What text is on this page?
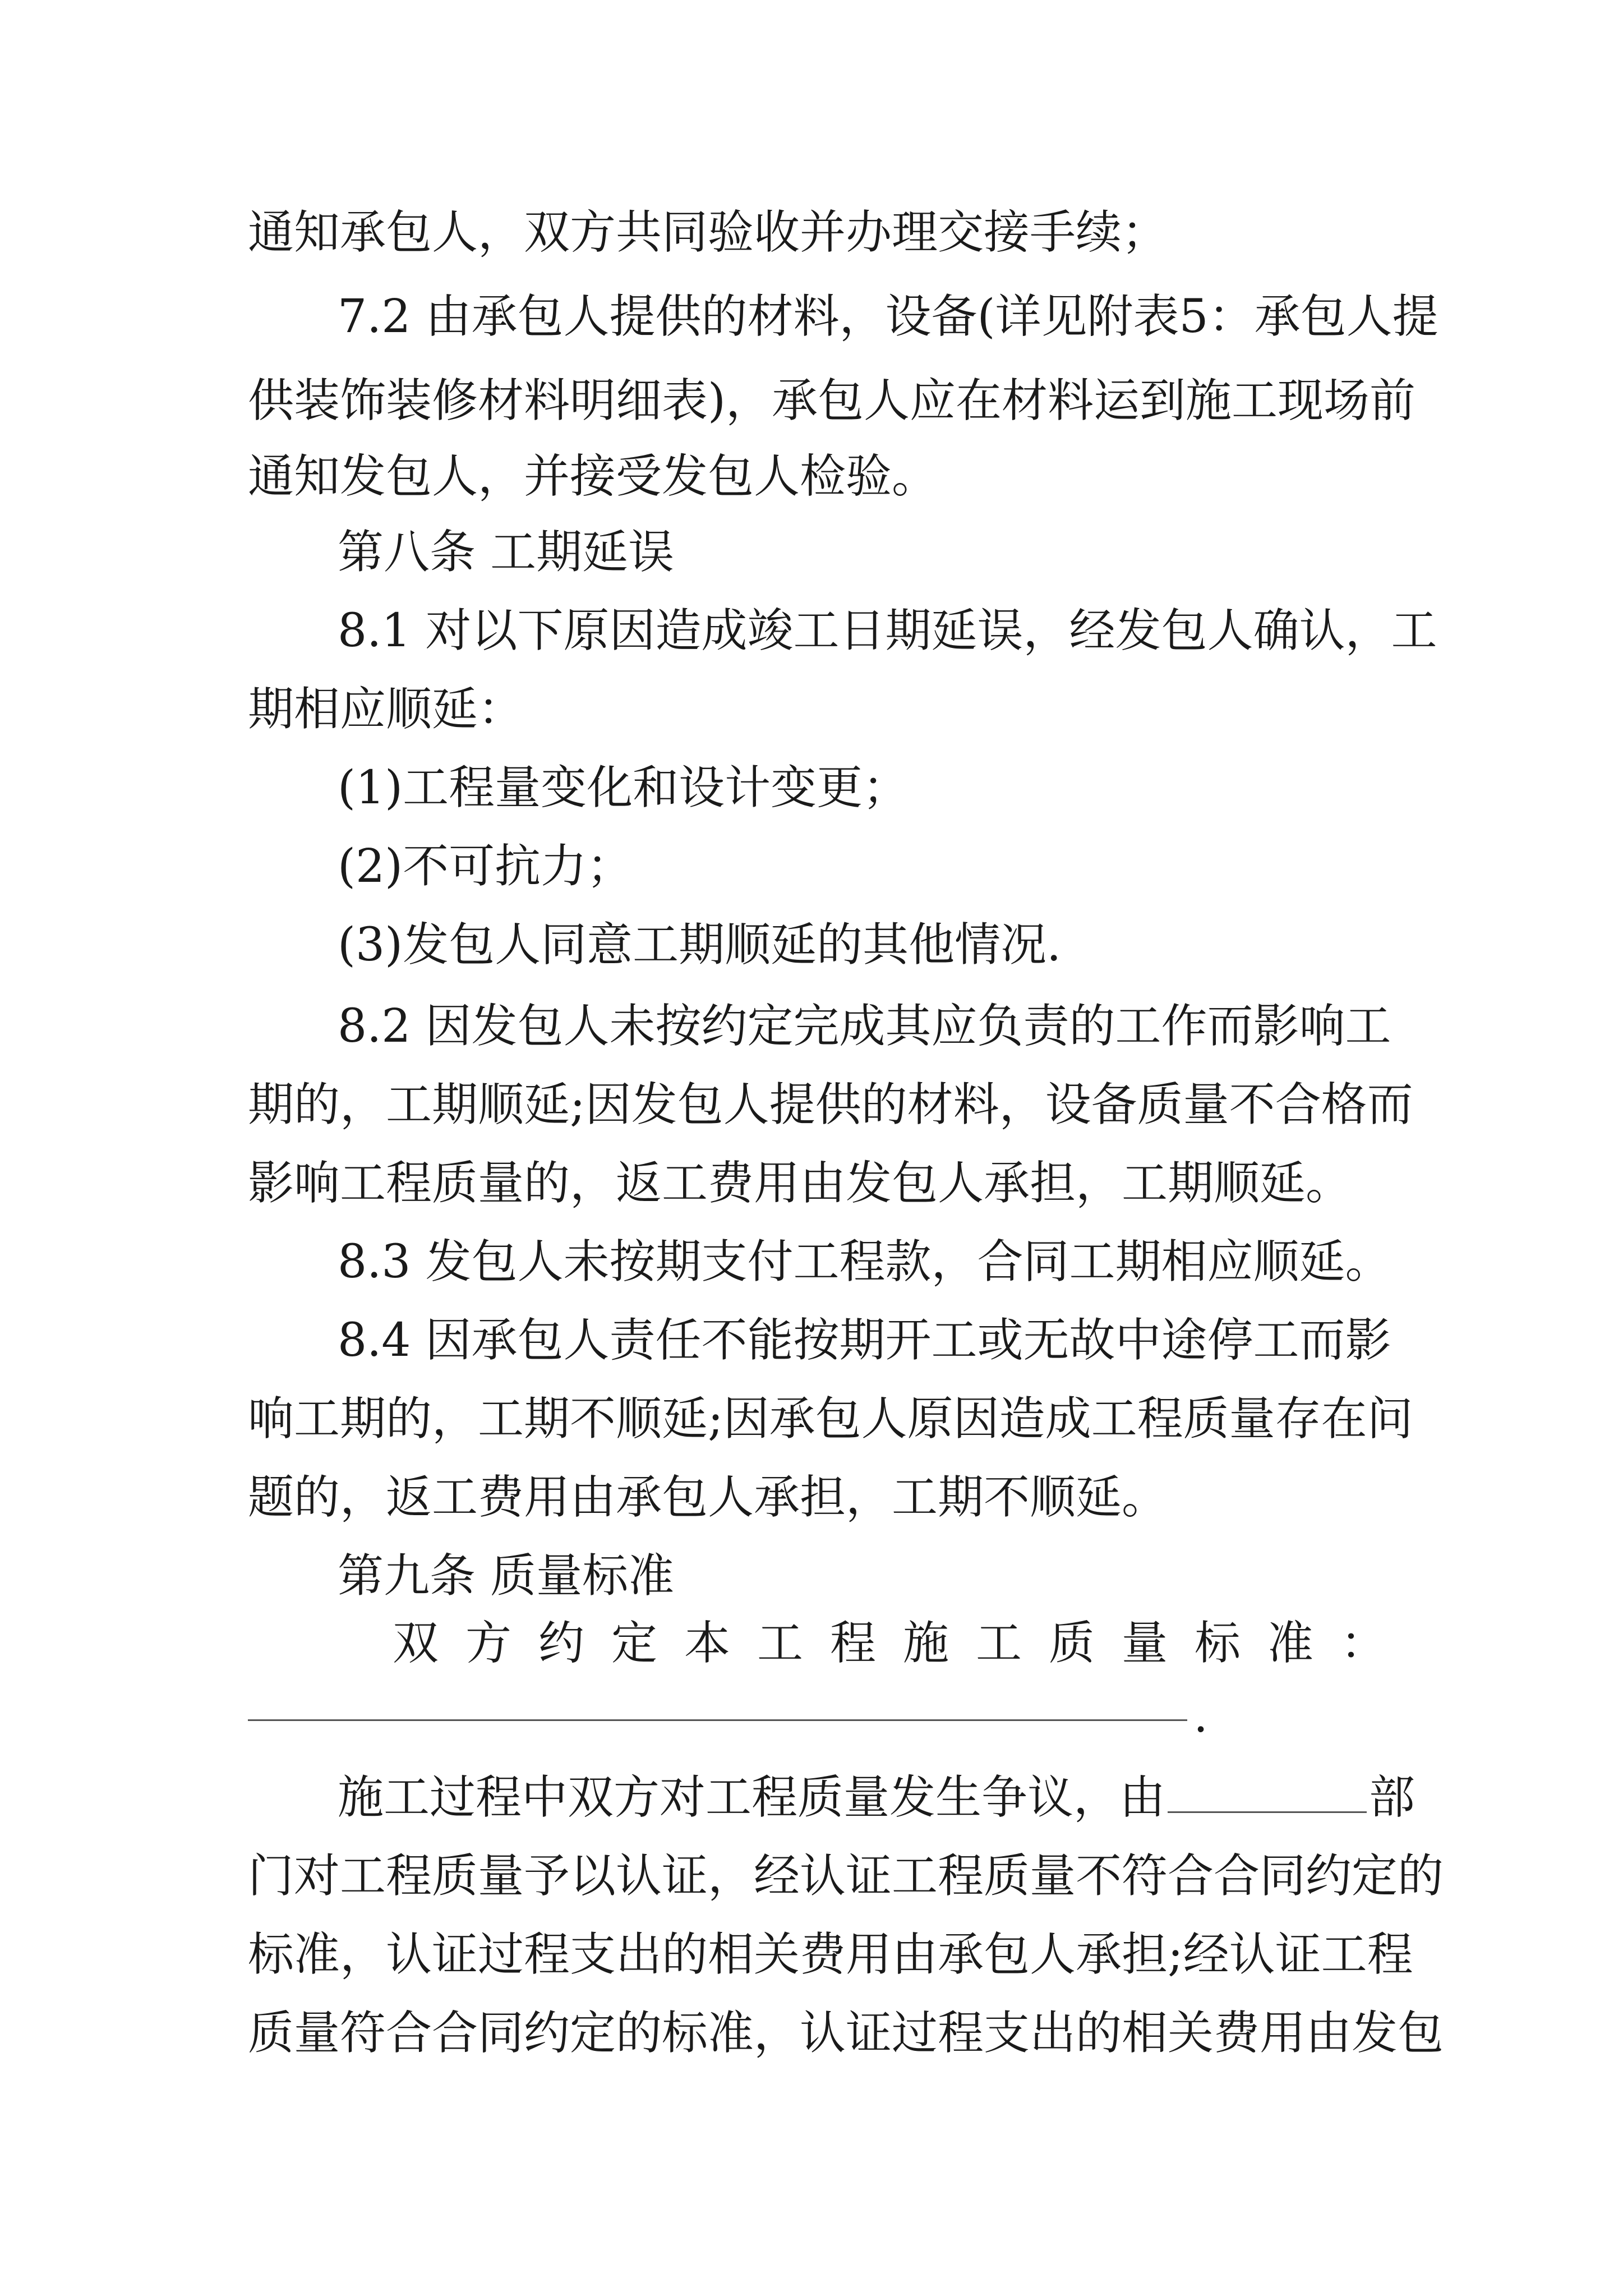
通知承包人，双方共同验收并办理交接手续；
7.2 由承包人提供的材料，设备(详见附表5：承包人提
供装饰装修材料明细表)，承包人应在材料运到施工现场前
通知发包人，并接受发包人检验。
第八条 工期延误
8.1 对以下原因造成竣工日期延误，经发包人确认，工
期相应顺延：
(1)工程量变化和设计变更；
(2)不可抗力；
(3)发包人同意工期顺延的其他情况.
8.2 因发包人未按约定完成其应负责的工作而影响工
期的，工期顺延;因发包人提供的材料，设备质量不合格而
影响工程质量的，返工费用由发包人承担，工期顺延。
8.3 发包人未按期支付工程款，合同工期相应顺延。
8.4 因承包人责任不能按期开工或无故中途停工而影
响工期的，工期不顺延;因承包人原因造成工程质量存在问
题的，返工费用由承包人承担，工期不顺延。
第九条 质量标准
双 方 约 定 本 工 程 施 工 质 量 标 准 ：
.
施工过程中双方对工程质量发生争议，由	部
门对工程质量予以认证，经认证工程质量不符合合同约定的
标准，认证过程支出的相关费用由承包人承担;经认证工程
质量符合合同约定的标准，认证过程支出的相关费用由发包
